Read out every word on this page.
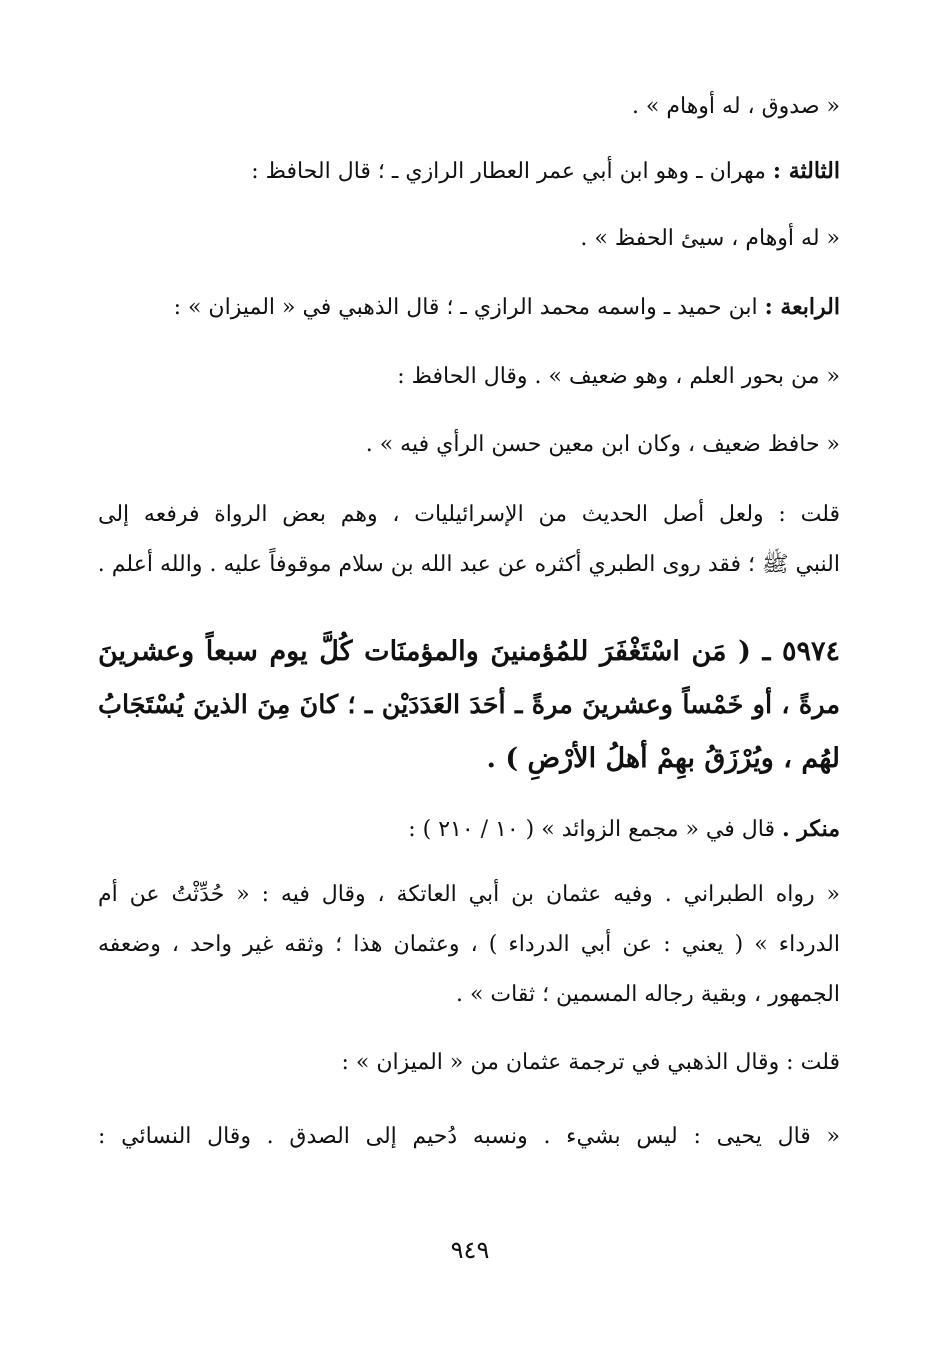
« صدوق ، له أوهام » .
الثالثة : مهران ـ وهو ابن أبي عمر العطار الرازي ـ ؛ قال الحافظ :
« له أوهام ، سيئ الحفظ » .
الرابعة : ابن حميد ـ واسمه محمد الرازي ـ ؛ قال الذهبي في « الميزان » :
« من بحور العلم ، وهو ضعيف » . وقال الحافظ :
« حافظ ضعيف ، وكان ابن معين حسن الرأي فيه » .
قلت : ولعل أصل الحديث من الإسرائيليات ، وهم بعض الرواة فرفعه إلى
النبي ﷺ ؛ فقد روى الطبري أكثره عن عبد الله بن سلام موقوفاً عليه . والله أعلم .
٥٩٧٤ ـ ( مَن اسْتَغْفَرَ للمُؤمنينَ والمؤمنَات كُلَّ يوم سبعاً وعشرينَ
مرةً ، أو خَمْساً وعشرينَ مرةً ـ أحَدَ العَدَدَيْن ـ ؛ كانَ مِنَ الذينَ يُسْتَجَابُ
لهُم ، ويُرْزَقُ بهِمْ أهلُ الأرْضِ ) .
منكر . قال في « مجمع الزوائد » ( ١٠ / ٢١٠ ) :
« رواه الطبراني . وفيه عثمان بن أبي العاتكة ، وقال فيه : « حُدِّثْتُ عن أم
الدرداء » ( يعني : عن أبي الدرداء ) ، وعثمان هذا ؛ وثقه غير واحد ، وضعفه
الجمهور ، وبقية رجاله المسمين ؛ ثقات » .
قلت : وقال الذهبي في ترجمة عثمان من « الميزان » :
« قال يحيى : ليس بشيء . ونسبه دُحيم إلى الصدق . وقال النسائي :
٩٤٩
